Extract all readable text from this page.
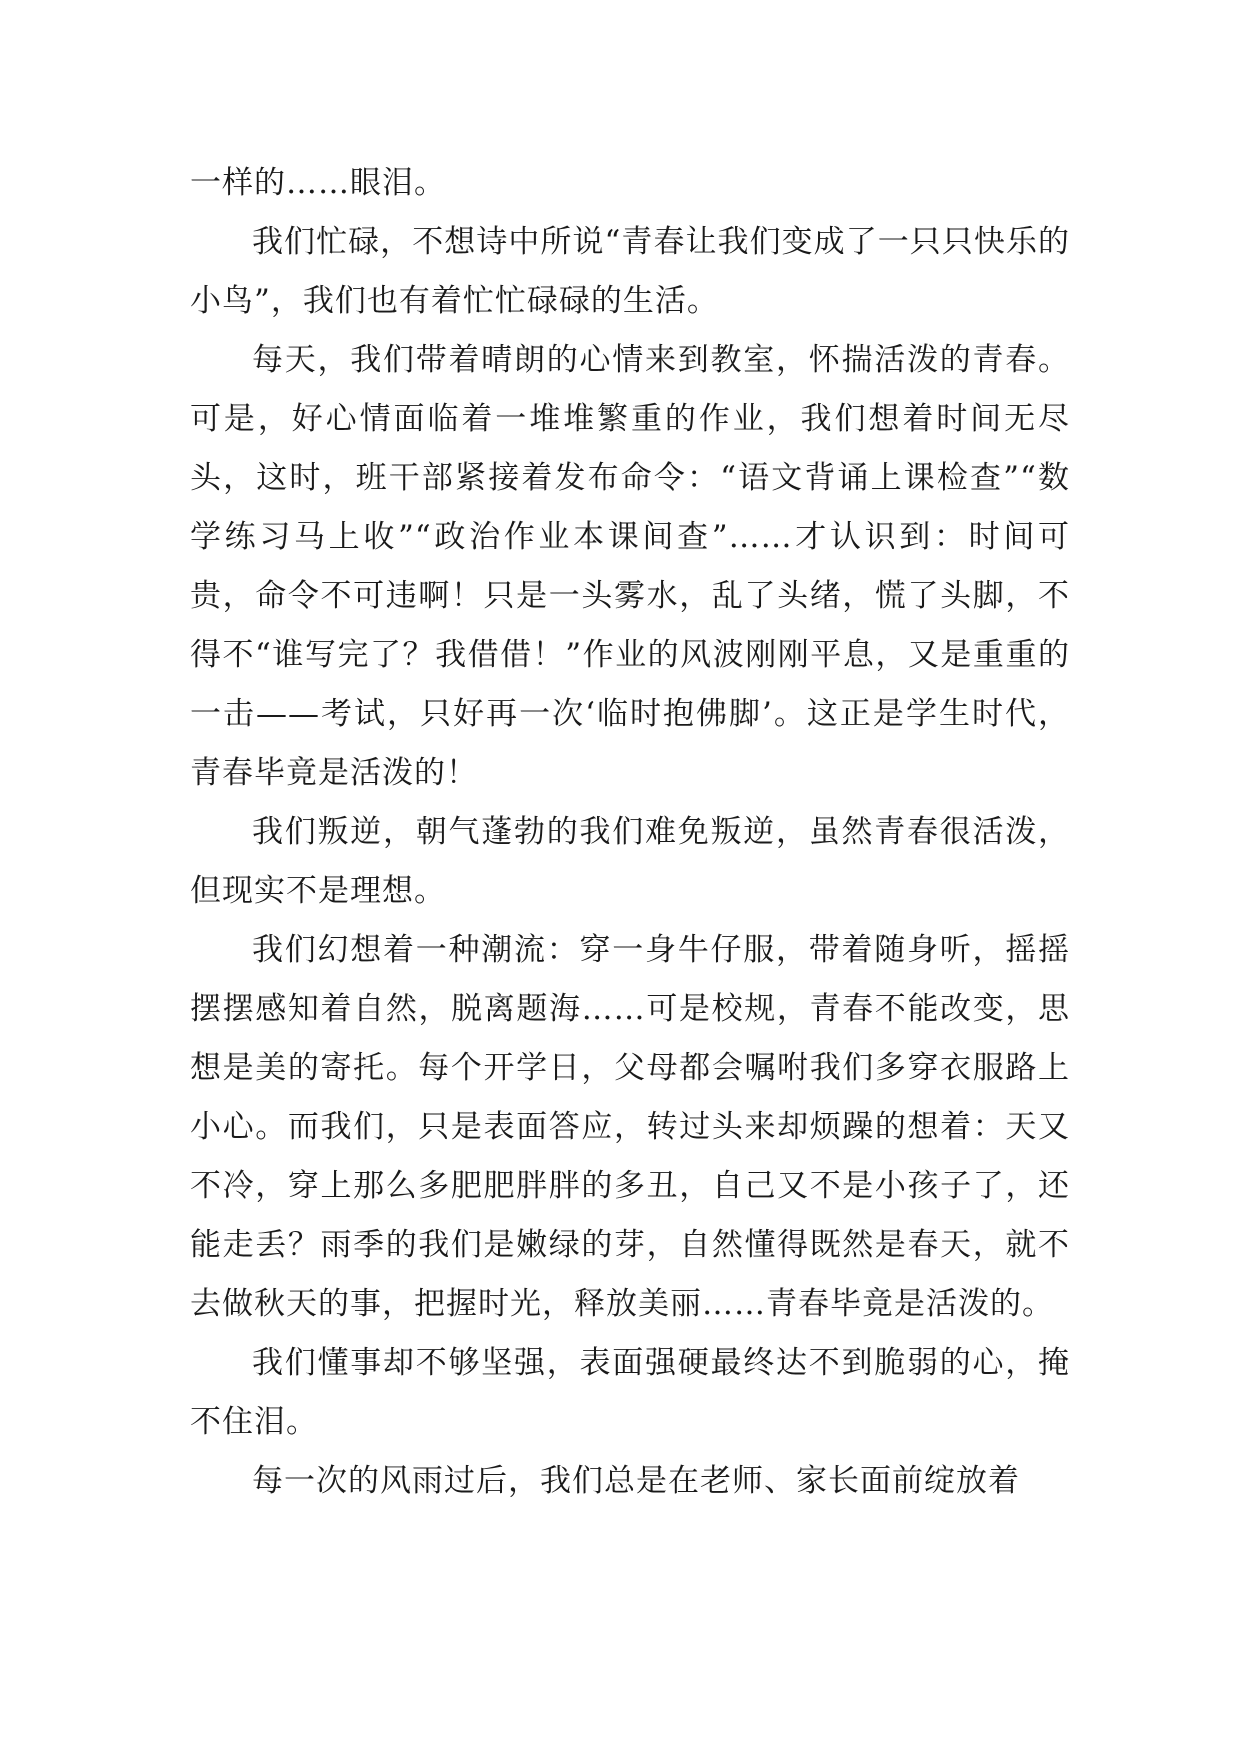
一样的……眼泪。

我们忙碌，不想诗中所说“青春让我们变成了一只只快乐的小鸟”，我们也有着忙忙碌碌的生活。

每天，我们带着晴朗的心情来到教室，怀揣活泼的青春。可是，好心情面临着一堆堆繁重的作业，我们想着时间无尽头，这时，班干部紧接着发布命令：“语文背诵上课检查”“数学练习马上收”“政治作业本课间查”……才认识到：时间可贵，命令不可违啊！只是一头雾水，乱了头绪，慌了头脚，不得不“谁写完了？我借借！”作业的风波刚刚平息，又是重重的一击——考试，只好再一次‘临时抱佛脚’。这正是学生时代，青春毕竟是活泼的！

我们叛逆，朝气蓬勃的我们难免叛逆，虽然青春很活泼，但现实不是理想。

我们幻想着一种潮流：穿一身牛仔服，带着随身听，摇摇摆摆感知着自然，脱离题海……可是校规，青春不能改变，思想是美的寄托。每个开学日，父母都会嘱咐我们多穿衣服路上小心。而我们，只是表面答应，转过头来却烦躁的想着：天又不冷，穿上那么多肥肥胖胖的多丑，自己又不是小孩子了，还能走丢？雨季的我们是嫩绿的芽，自然懂得既然是春天，就不去做秋天的事，把握时光，释放美丽……青春毕竟是活泼的。

我们懂事却不够坚强，表面强硬最终达不到脆弱的心，掩不住泪。

每一次的风雨过后，我们总是在老师、家长面前绽放着
